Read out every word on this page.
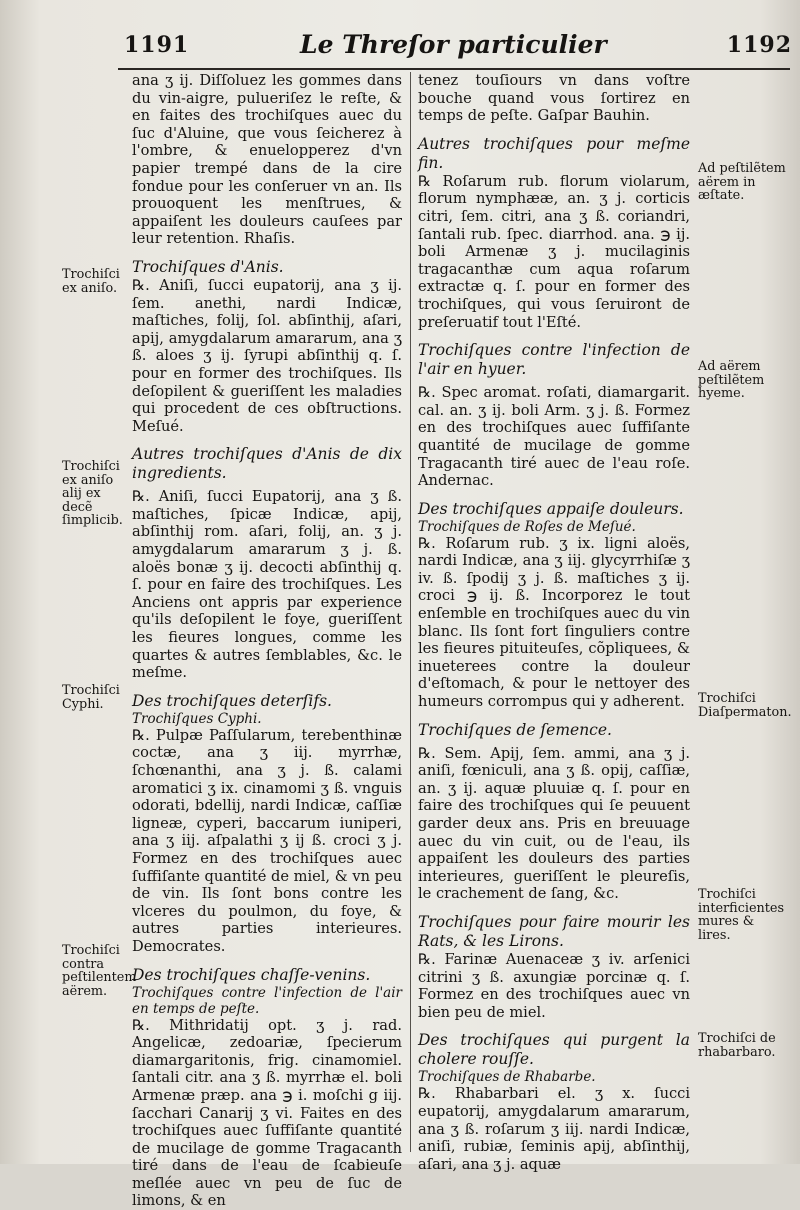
1191	Le Threſor particulier	1192

ana ʒ ij. Diſſoluez les gommes dans du vin-aigre, pulueriſez le reſte, & en faites des trochiſques auec du ſuc d'Aluine, que vous ſeicherez à l'ombre, & enuelopperez d'vn papier trempé dans de la cire fondue pour les conſeruer vn an. Ils prouoquent les menſtrues, & appaiſent les douleurs cauſees par leur retention. Rhaſis.

Trochiſques d'Anis.

℞. Aniſi, ſucci eupatorij, ana ʒ ij. ſem. anethi, nardi Indicæ, maſtiches, folij, ſol. abſinthij, aſari, apij, amygdalarum amararum, ana ʒ ß. aloes ʒ ij. ſyrupi abſinthij q. ſ. pour en former des trochiſques. Ils deſopilent & gueriſſent les maladies qui procedent de ces obſtructions. Meſué.

Autres trochiſques d'Anis de dix ingredients.

℞. Aniſi, ſucci Eupatorij, ana ʒ ß. maſtiches, ſpicæ Indicæ, apij, abſinthij rom. aſari, folij, an. ʒ j. amygdalarum amararum ʒ j. ß. aloës bonæ ʒ ij. decocti abſinthij q. ſ. pour en faire des trochiſques. Les Anciens ont appris par experience qu'ils deſopilent le foye, gueriſſent les fieures longues, comme les quartes & autres ſemblables, &c. le meſme.

Des trochiſques deterſifs.

Trochiſques Cyphi.

℞. Pulpæ Paſſularum, terebenthinæ coctæ, ana ʒ iij. myrrhæ, ſchœnanthi, ana ʒ j. ß. calami aromatici ʒ ix. cinamomi ʒ ß. vnguis odorati, bdellij, nardi Indicæ, caſſiæ ligneæ, cyperi, baccarum iuniperi, ana ʒ iij. aſpalathi ʒ ij ß. croci ʒ j. Formez en des trochiſques auec ſuffiſante quantité de miel, & vn peu de vin. Ils ſont bons contre les vlceres du poulmon, du foye, & autres parties interieures. Democrates.

Des trochiſques chaſſe-venins.

Trochiſques contre l'infection de l'air en temps de peſte.

℞. Mithridatij opt. ʒ j. rad. Angelicæ, zedoariæ, ſpecierum diamargaritonis, frig. cinamomiel. ſantali citr. ana ʒ ß. myrrhæ el. boli Armenæ præp. ana ℈ i. moſchi g iij. ſacchari Canarij ʒ vi. Faites en des trochiſques auec ſuffiſante quantité de mucilage de gomme Tragacanth tiré dans de l'eau de ſcabieuſe meſlée auec vn peu de ſuc de limons, & en

tenez touſiours vn dans voſtre bouche quand vous ſortirez en temps de peſte. Gaſpar Bauhin.

Autres trochiſques pour meſme fin.

℞ Roſarum rub. florum violarum, florum nymphææ, an. ʒ j. corticis citri, ſem. citri, ana ʒ ß. coriandri, ſantali rub. ſpec. diarrhod. ana. ℈ ij. boli Armenæ ʒ j. mucilaginis tragacanthæ cum aqua roſarum extractæ q. ſ. pour en former des trochiſques, qui vous ſeruiront de preſeruatif tout l'Eſté.

Trochiſques contre l'infection de l'air en hyuer.

℞. Spec aromat. roſati, diamargarit. cal. an. ʒ ij. boli Arm. ʒ j. ß. Formez en des trochiſques auec ſuffiſante quantité de mucilage de gomme Tragacanth tiré auec de l'eau roſe. Andernac.

Des trochiſques appaiſe douleurs.

Trochiſques de Roſes de Meſué.

℞. Roſarum rub. ʒ ix. ligni aloës, nardi Indicæ, ana ʒ iij. glycyrrhiſæ ʒ iv. ß. ſpodij ʒ j. ß. maſtiches ʒ ij. croci ℈ ij. ß. Incorporez le tout enſemble en trochiſques auec du vin blanc. Ils ſont fort ſinguliers contre les fieures pituiteuſes, cõpliquees, & inueterees contre la douleur d'eſtomach, & pour le nettoyer des humeurs corrompus qui y adherent.

Trochiſques de ſemence.

℞. Sem. Apij, ſem. ammi, ana ʒ j. aniſi, fœniculi, ana ʒ ß. opij, caſſiæ, an. ʒ ij. aquæ pluuiæ q. ſ. pour en faire des trochiſques qui ſe peuuent garder deux ans. Pris en breuuage auec du vin cuit, ou de l'eau, ils appaiſent les douleurs des parties interieures, gueriſſent le pleureſis, le crachement de ſang, &c.

Trochiſques pour faire mourir les Rats, & les Lirons.

℞. Farinæ Auenaceæ ʒ iv. arſenici citrini ʒ ß. axungiæ porcinæ q. ſ. Formez en des trochiſques auec vn bien peu de miel.

Des trochiſques qui purgent la cholere rouſſe.

Trochiſques de Rhabarbe.

℞. Rhabarbari el. ʒ x. ſucci eupatorij, amygdalarum amararum, ana ʒ ß. roſarum ʒ iij. nardi Indicæ, aniſi, rubiæ, ſeminis apij, abſinthij, aſari, ana ʒ j. aquæ

Trochiſci ex aniſo.
Trochiſci ex aniſo alij ex decẽ ſimplicib.
Trochiſci Cyphi.
Trochiſci contra peſtilentem aërem.
Ad peſtilẽtem aërem in æſtate.
Ad aërem peſtilẽtem hyeme.
Trochiſci Diaſpermaton.
Trochiſci interficientes mures & lires.
Trochiſci de rhabarbaro.
